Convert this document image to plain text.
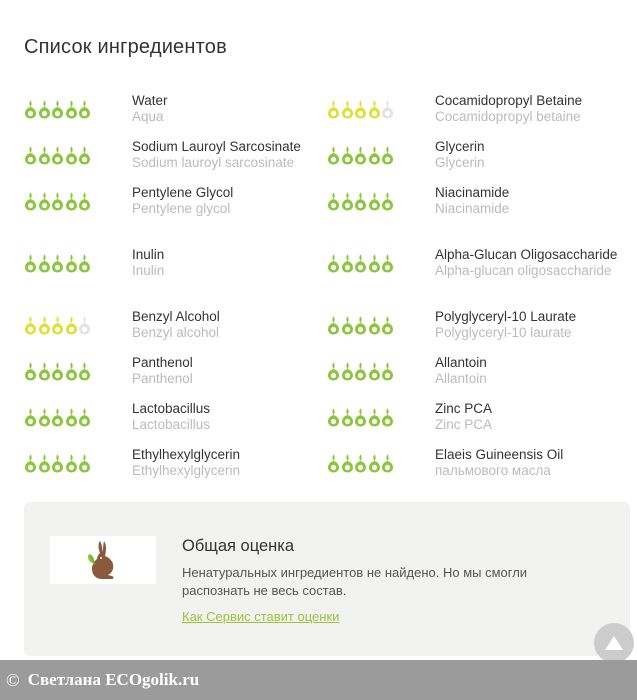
Список ингредиентов
Water
Aqua
Sodium Lauroyl Sarcosinate
Sodium lauroyl sarcosinate
Pentylene Glycol
Pentylene glycol
Inulin
Inulin
Benzyl Alcohol
Benzyl alcohol
Panthenol
Panthenol
Lactobacillus
Lactobacillus
Ethylhexylglycerin
Ethylhexylglycerin
Cocamidopropyl Betaine
Cocamidopropyl betaine
Glycerin
Glycerin
Niacinamide
Niacinamide
Alpha-Glucan Oligosaccharide
Alpha-glucan oligosaccharide
Polyglyceryl-10 Laurate
Polyglyceryl-10 laurate
Allantoin
Allantoin
Zinc PCA
Zinc PCA
Elaeis Guineensis Oil
пальмового масла
Общая оценка
Ненатуральных ингредиентов не найдено. Но мы смогли распознать не весь состав.
Как Сервис ставит оценки
© Светлана ECOgolik.ru
